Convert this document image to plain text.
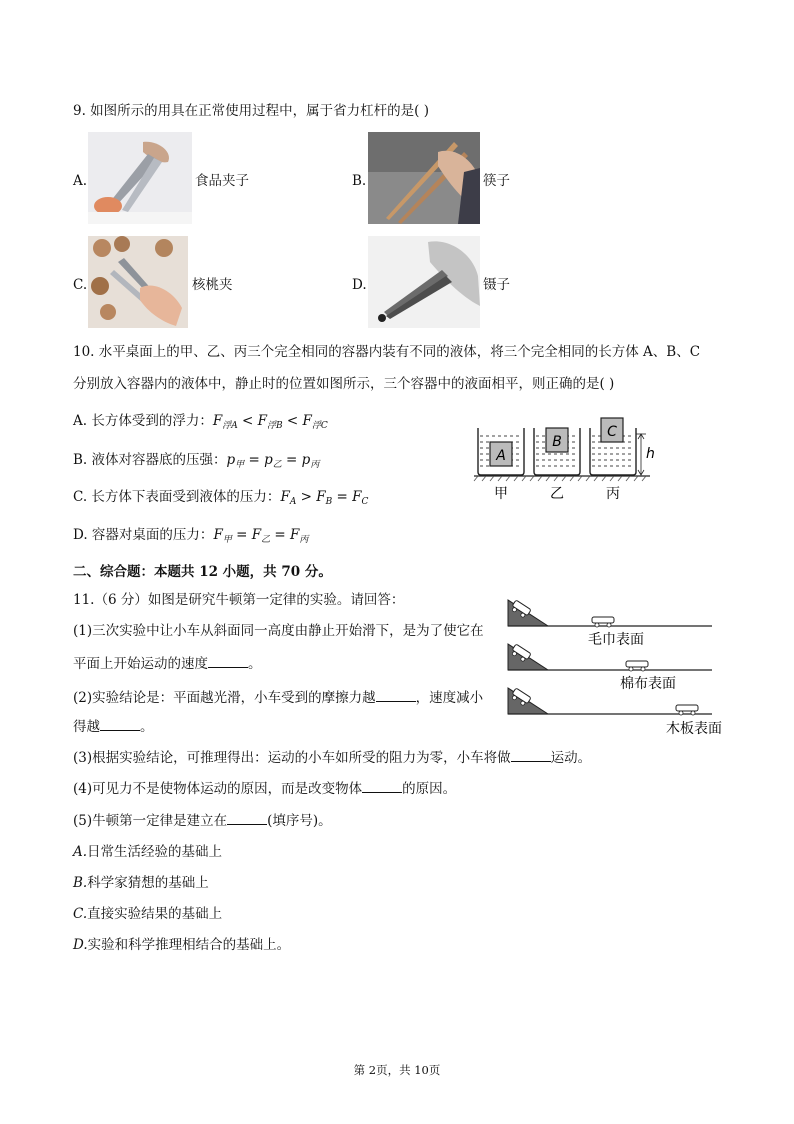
9. 如图所示的用具在正常使用过程中，属于省力杠杆的是( )
A.	食品夹子	B.	筷子
C.	核桃夹	D.	镊子
10. 水平桌面上的甲、乙、丙三个完全相同的容器内装有不同的液体，将三个完全相同的长方体 A、B、C
分别放入容器内的液体中，静止时的位置如图所示，三个容器中的液面相平，则正确的是( )
A. 长方体受到的浮力：$F_{浮A} < F_{浮B} < F_{浮C}$
B. 液体对容器底的压强：$p_甲 = p_乙 = p_丙$
C. 长方体下表面受到液体的压力：$F_A > F_B = F_C$
D. 容器对桌面的压力：$F_甲 = F_乙 = F_丙$
A
B
C
h
甲	乙	丙
二、综合题：本题共 12 小题，共 70 分。
11.（6 分）如图是研究牛顿第一定律的实验。请回答：
(1)三次实验中让小车从斜面同一高度由静止开始滑下，是为了使它在
平面上开始运动的速度	。
(2)实验结论是：平面越光滑，小车受到的摩擦力越	，速度减小
得越	。
(3)根据实验结论，可推理得出：运动的小车如所受的阻力为零，小车将做	运动。
(4)可见力不是使物体运动的原因，而是改变物体	的原因。
(5)牛顿第一定律是建立在	(填序号)。
A.日常生活经验的基础上
B.科学家猜想的基础上
C.直接实验结果的基础上
D.实验和科学推理相结合的基础上。
毛巾表面
棉布表面
木板表面
第 2页，共 10页
